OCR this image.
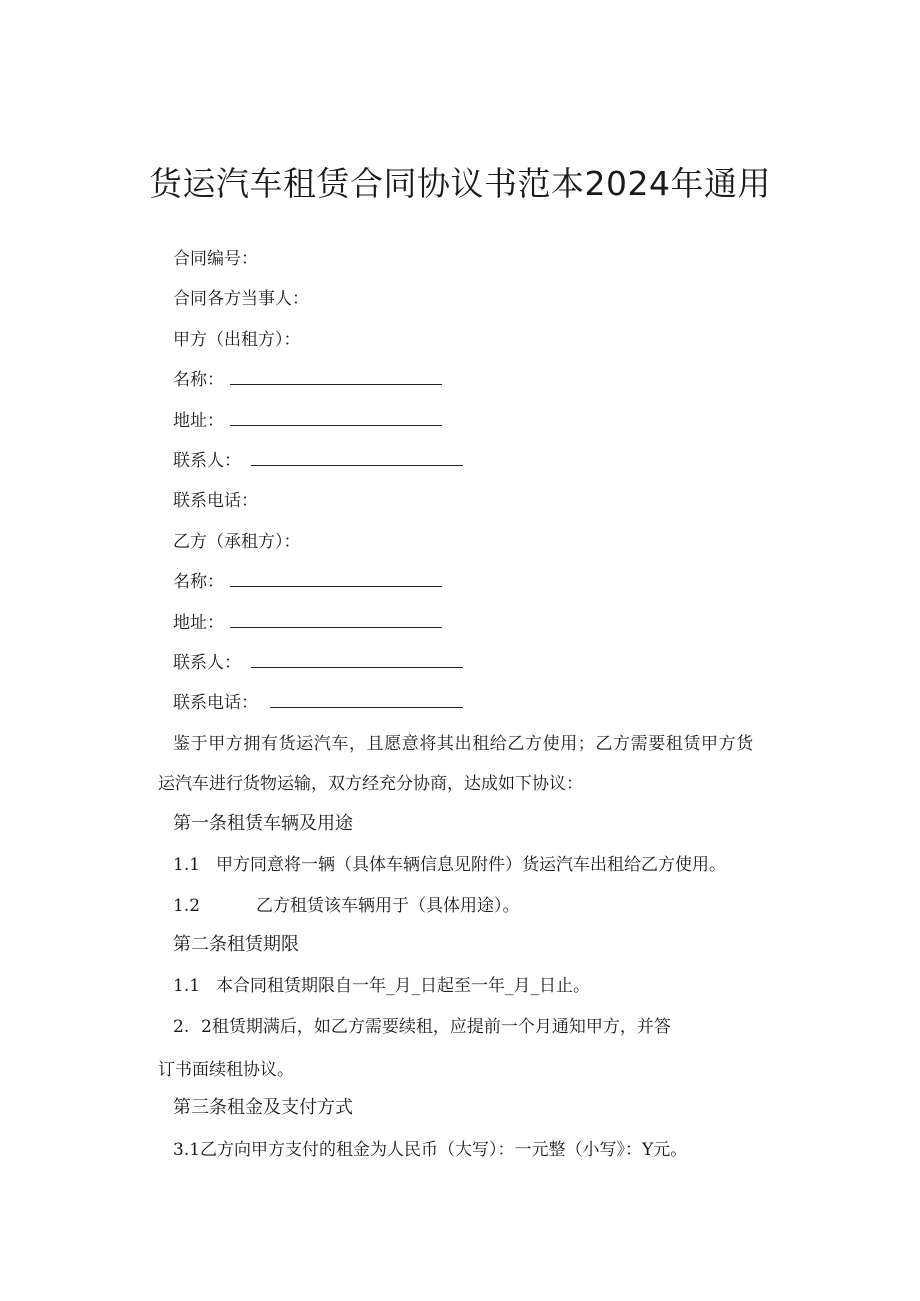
货运汽车租赁合同协议书范本2024年通用
合同编号：
合同各方当事人：
甲方（出租方）：
名称：
地址：
联系人：
联系电话：
乙方（承租方）：
名称：
地址：
联系人：
联系电话：
鉴于甲方拥有货运汽车，且愿意将其出租给乙方使用；乙方需要租赁甲方货
运汽车进行货物运输，双方经充分协商，达成如下协议：
第一条租赁车辆及用途
1.1 甲方同意将一辆（具体车辆信息见附件）货运汽车出租给乙方使用。
1.2	乙方租赁该车辆用于（具体用途）。
第二条租赁期限
1.1 本合同租赁期限自一年_月_日起至一年_月_日止。
2. 2租赁期满后，如乙方需要续租，应提前一个月通知甲方，并答
订书面续租协议。
第三条租金及支付方式
3.1乙方向甲方支付的租金为人民币（大写）：一元整（小写》：Y元。
